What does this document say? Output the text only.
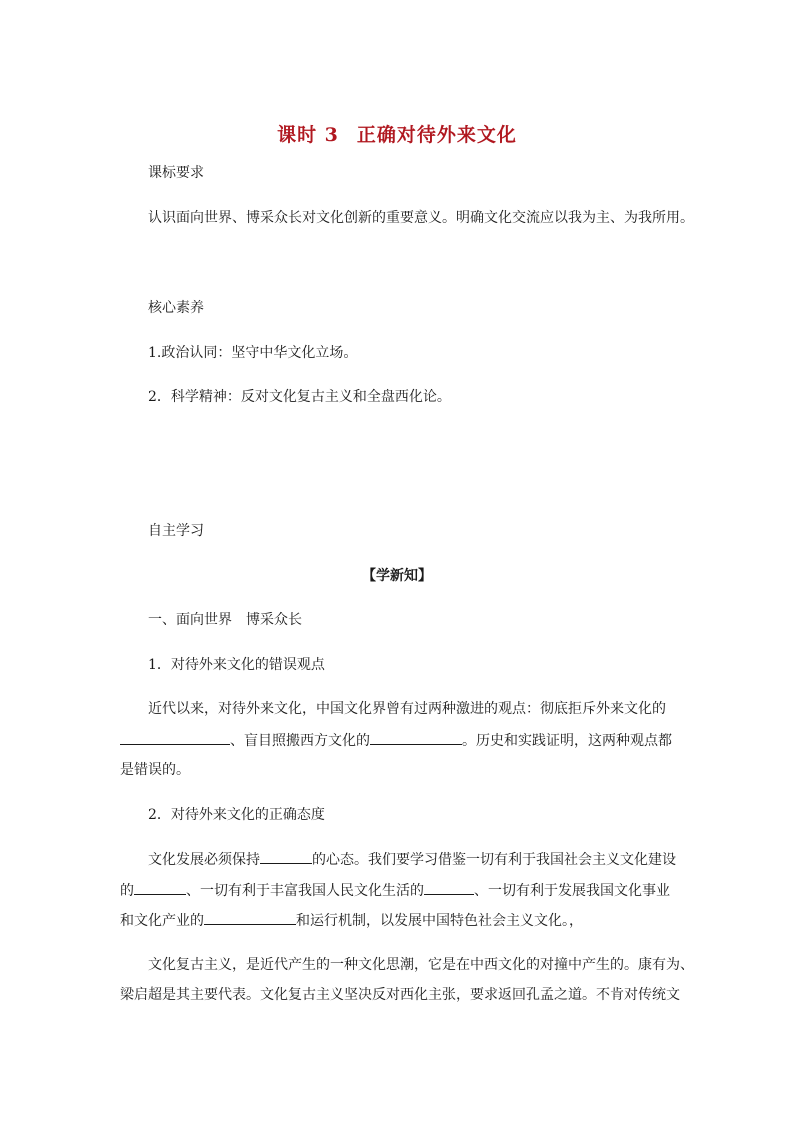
课时 3 正确对待外来文化
课标要求
认识面向世界、博采众长对文化创新的重要意义。明确文化交流应以我为主、为我所用。
核心素养
1.政治认同：坚守中华文化立场。
2．科学精神：反对文化复古主义和全盘西化论。
自主学习
【学新知】
一、面向世界　博采众长
1．对待外来文化的错误观点
近代以来，对待外来文化，中国文化界曾有过两种激进的观点：彻底拒斥外来文化的
、盲目照搬西方文化的	。历史和实践证明，这两种观点都
是错误的。
2．对待外来文化的正确态度
文化发展必须保持	的心态。我们要学习借鉴一切有利于我国社会主义文化建设
的	、一切有利于丰富我国人民文化生活的	、一切有利于发展我国文化事业
和文化产业的	和运行机制，以发展中国特色社会主义文化。，
文化复古主义，是近代产生的一种文化思潮，它是在中西文化的对撞中产生的。康有为、
梁启超是其主要代表。文化复古主义坚决反对西化主张，要求返回孔孟之道。不肯对传统文
